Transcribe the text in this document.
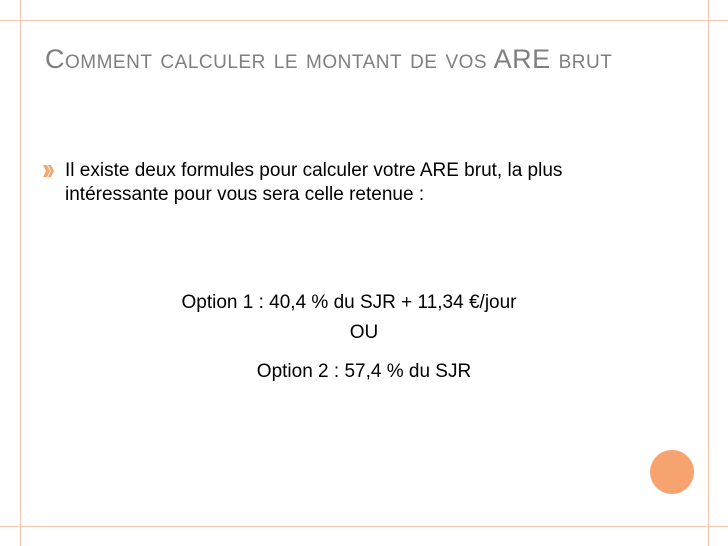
Comment calculer le montant de vos ARE brut
Il existe deux formules pour calculer votre ARE brut, la plus intéressante pour vous sera celle retenue :
Option 1 : 40,4 % du SJR + 11,34 €/jour
OU
Option 2 : 57,4 % du SJR
